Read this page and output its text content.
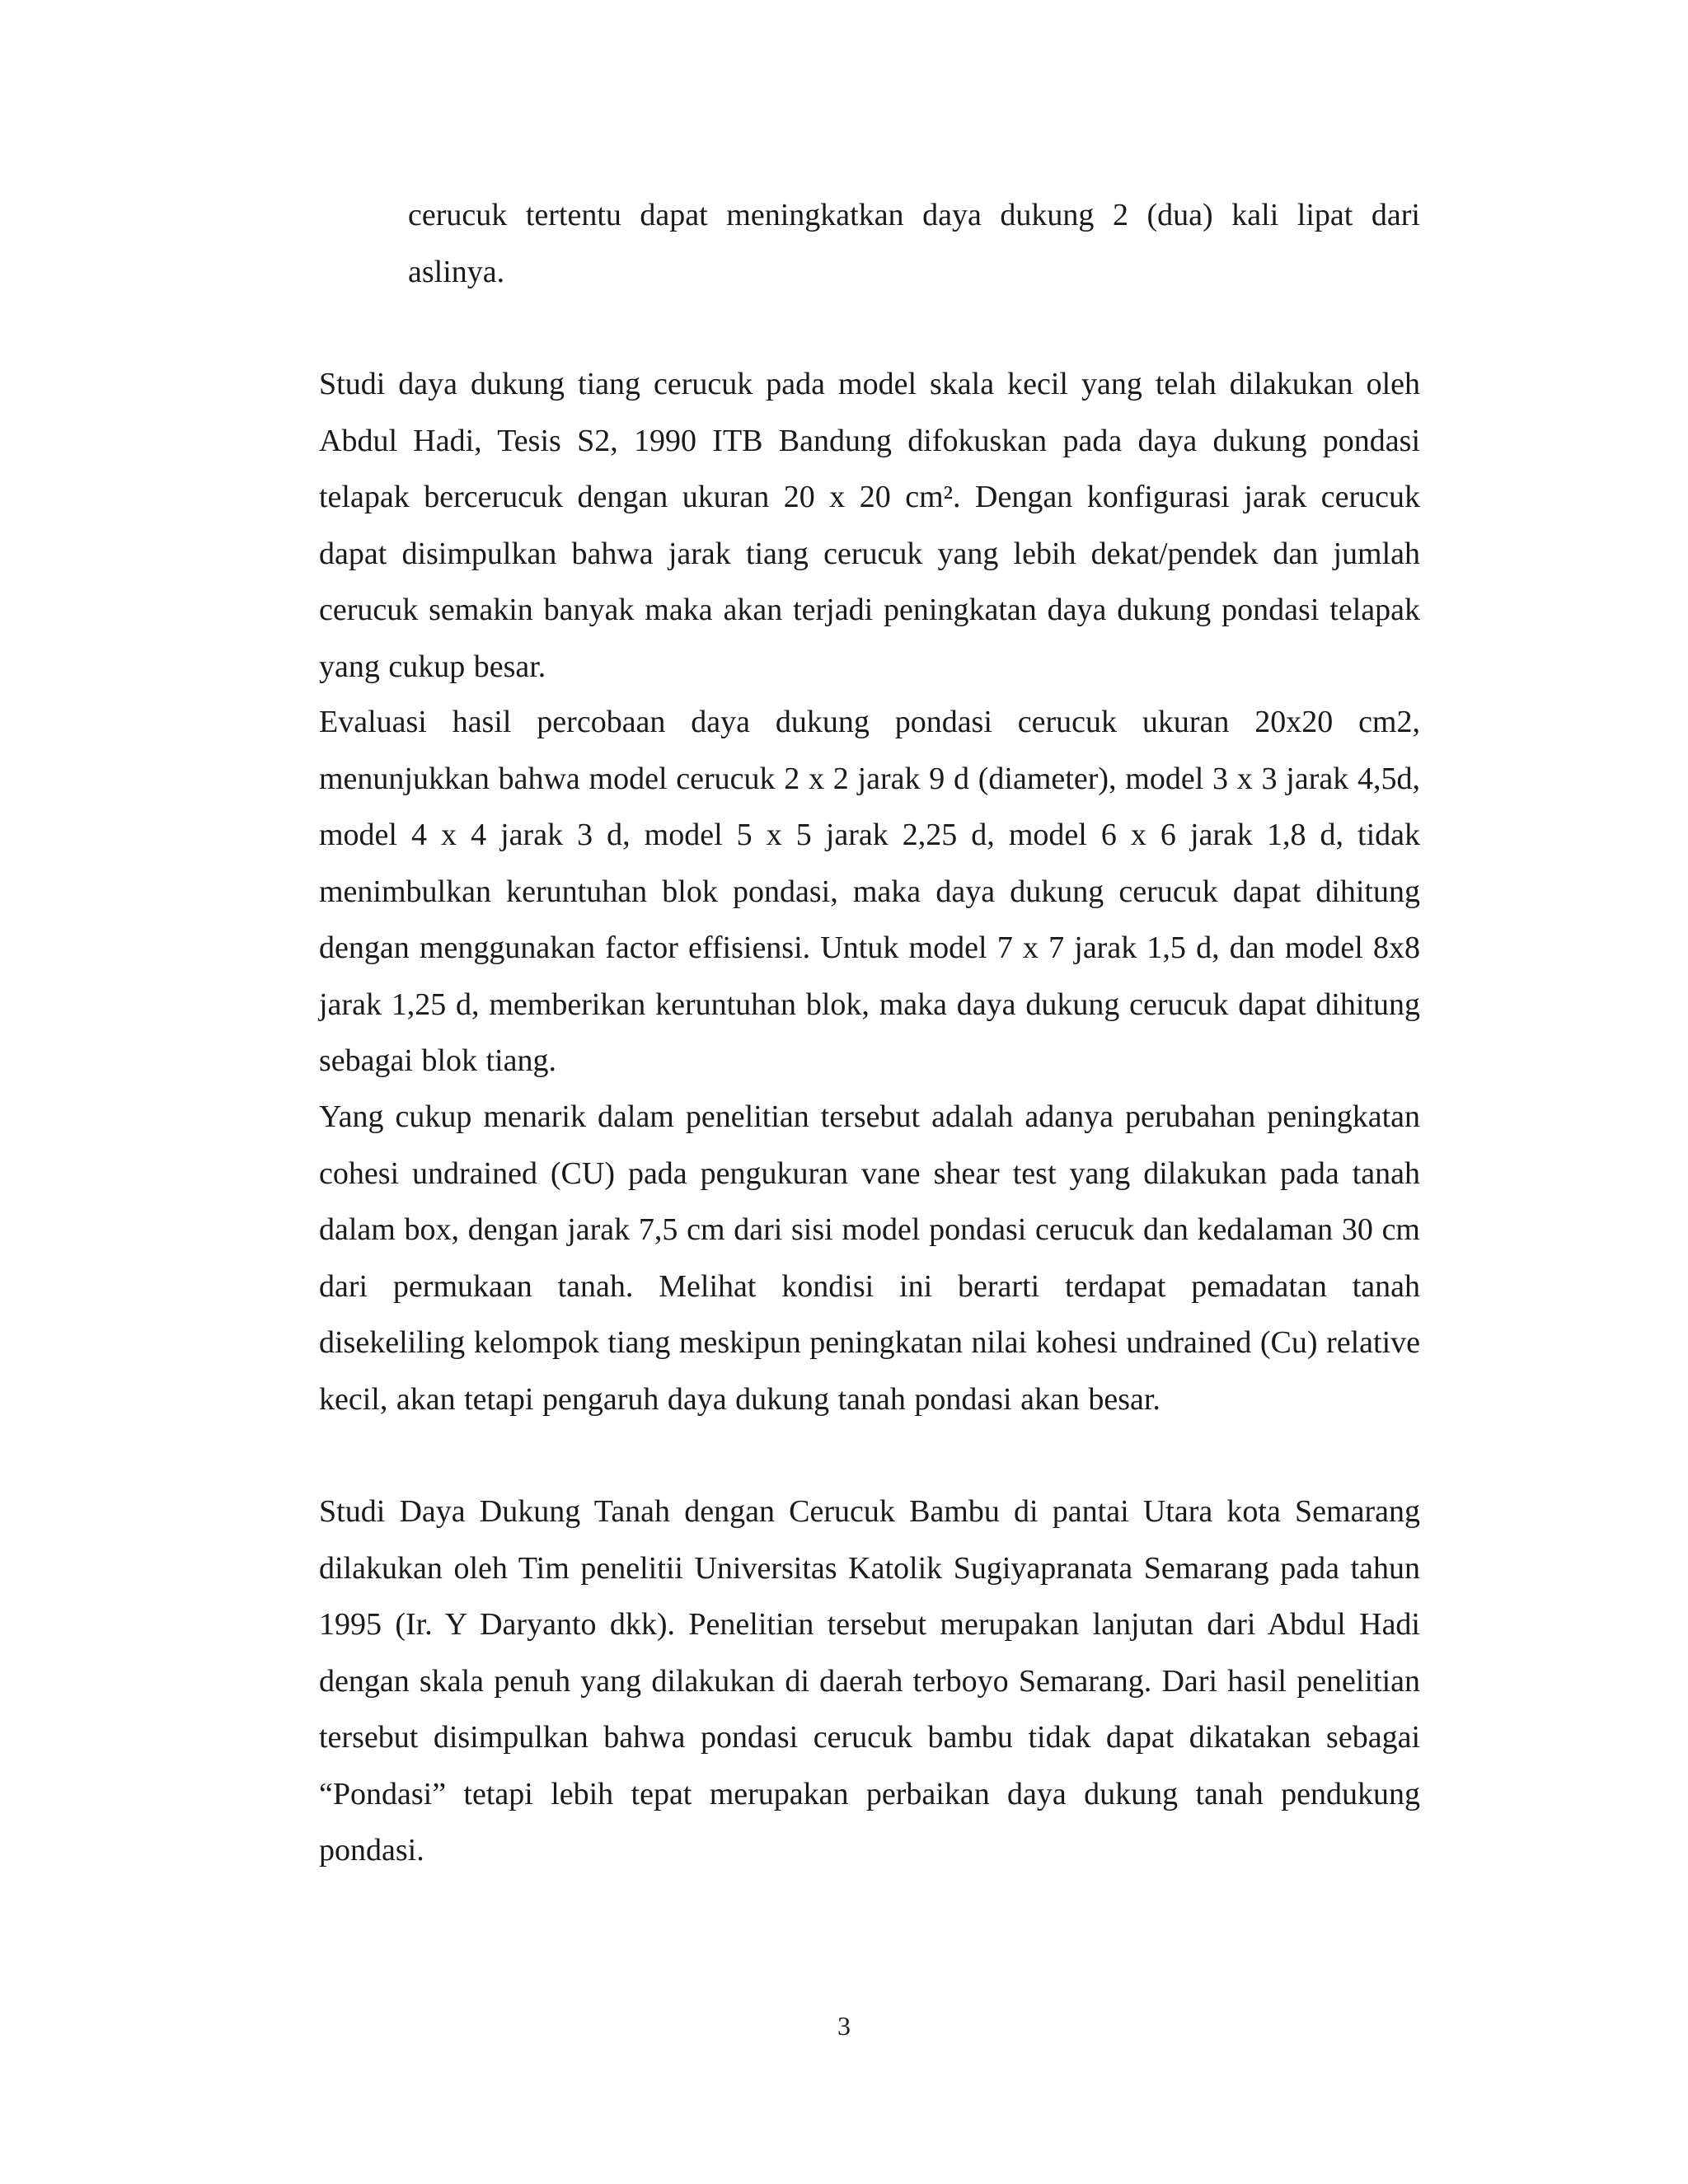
cerucuk tertentu dapat meningkatkan daya dukung 2 (dua) kali lipat dari aslinya.

Studi daya dukung tiang cerucuk pada model skala kecil yang telah dilakukan oleh Abdul Hadi, Tesis S2, 1990 ITB Bandung difokuskan pada daya dukung pondasi telapak bercerucuk dengan ukuran 20 x 20 cm². Dengan konfigurasi jarak cerucuk dapat disimpulkan bahwa jarak tiang cerucuk yang lebih dekat/pendek dan jumlah cerucuk semakin banyak maka akan terjadi peningkatan daya dukung pondasi telapak yang cukup besar.

Evaluasi hasil percobaan daya dukung pondasi cerucuk ukuran 20x20 cm2, menunjukkan bahwa model cerucuk 2 x 2 jarak 9 d (diameter), model 3 x 3 jarak 4,5d, model 4 x 4 jarak 3 d, model 5 x 5 jarak 2,25 d, model 6 x 6 jarak 1,8 d, tidak menimbulkan keruntuhan blok pondasi, maka daya dukung cerucuk dapat dihitung dengan menggunakan factor effisiensi. Untuk model 7 x 7 jarak 1,5 d, dan model 8x8 jarak 1,25 d, memberikan keruntuhan blok, maka daya dukung cerucuk dapat dihitung sebagai blok tiang.

Yang cukup menarik dalam penelitian tersebut adalah adanya perubahan peningkatan cohesi undrained (CU) pada pengukuran vane shear test yang dilakukan pada tanah dalam box, dengan jarak 7,5 cm dari sisi model pondasi cerucuk dan kedalaman 30 cm dari permukaan tanah. Melihat kondisi ini berarti terdapat pemadatan tanah disekeliling kelompok tiang meskipun peningkatan nilai kohesi undrained (Cu) relative kecil, akan tetapi pengaruh daya dukung tanah pondasi akan besar.

Studi Daya Dukung Tanah dengan Cerucuk Bambu di pantai Utara kota Semarang dilakukan oleh Tim penelitii Universitas Katolik Sugiyapranata Semarang pada tahun 1995 (Ir. Y Daryanto dkk). Penelitian tersebut merupakan lanjutan dari Abdul Hadi dengan skala penuh yang dilakukan di daerah terboyo Semarang. Dari hasil penelitian tersebut disimpulkan bahwa pondasi cerucuk bambu tidak dapat dikatakan sebagai “Pondasi” tetapi lebih tepat merupakan perbaikan daya dukung tanah pendukung pondasi.

3
